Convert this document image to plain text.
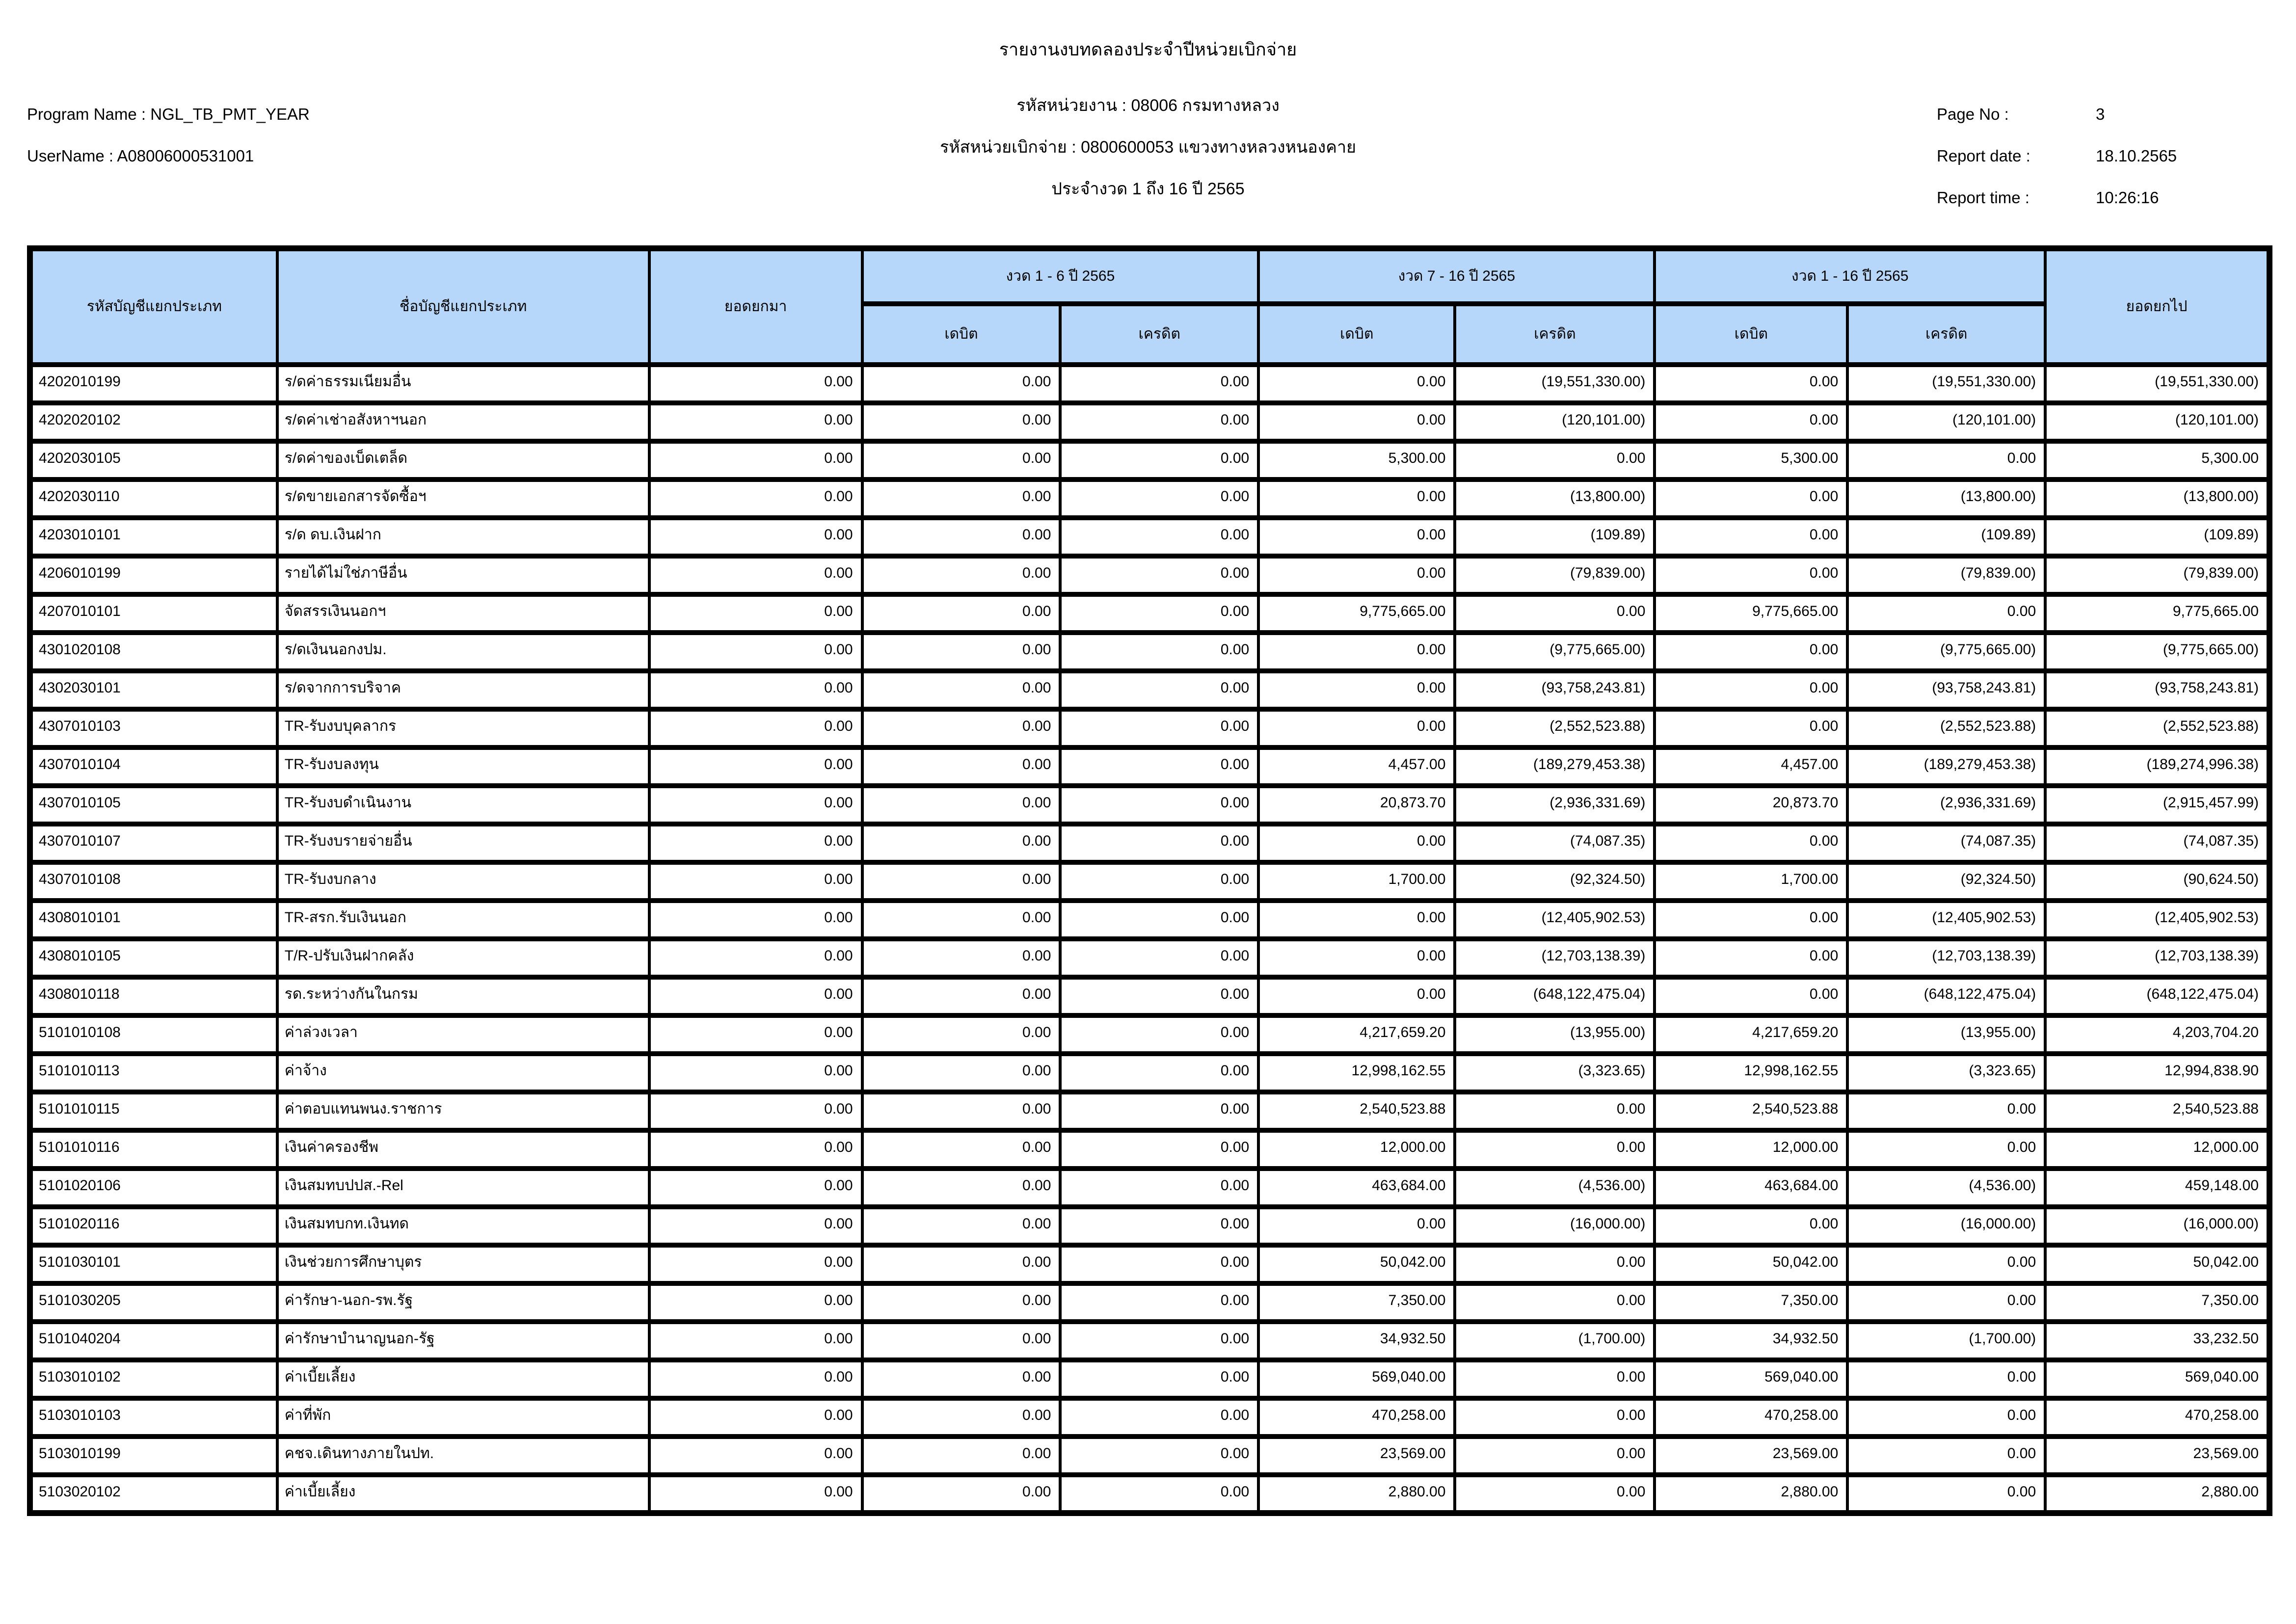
รายงานงบทดลองประจำปีหน่วยเบิกจ่าย
รหัสหน่วยงาน : 08006 กรมทางหลวง
รหัสหน่วยเบิกจ่าย : 0800600053 แขวงทางหลวงหนองคาย
ประจำงวด 1 ถึง 16 ปี 2565
Program Name : NGL_TB_PMT_YEAR
UserName : A08006000531001
Page No :	3
Report date :	18.10.2565
Report time :	10:26:16
รหัสบัญชีแยกประเภท	ชื่อบัญชีแยกประเภท	ยอดยกมา	งวด 1 - 6 ปี 2565		งวด 7 - 16 ปี 2565		งวด 1 - 16 ปี 2565		ยอดยกไป
			เดบิต	เครดิต	เดบิต	เครดิต	เดบิต	เครดิต	
4202010199	ร/ดค่าธรรมเนียมอื่น	0.00	0.00	0.00	0.00	(19,551,330.00)	0.00	(19,551,330.00)	(19,551,330.00)
4202020102	ร/ดค่าเช่าอสังหาฯนอก	0.00	0.00	0.00	0.00	(120,101.00)	0.00	(120,101.00)	(120,101.00)
4202030105	ร/ดค่าของเบ็ดเตล็ด	0.00	0.00	0.00	5,300.00	0.00	5,300.00	0.00	5,300.00
4202030110	ร/ดขายเอกสารจัดซื้อฯ	0.00	0.00	0.00	0.00	(13,800.00)	0.00	(13,800.00)	(13,800.00)
4203010101	ร/ด ดบ.เงินฝาก	0.00	0.00	0.00	0.00	(109.89)	0.00	(109.89)	(109.89)
4206010199	รายได้ไม่ใช่ภาษีอื่น	0.00	0.00	0.00	0.00	(79,839.00)	0.00	(79,839.00)	(79,839.00)
4207010101	จัดสรรเงินนอกฯ	0.00	0.00	0.00	9,775,665.00	0.00	9,775,665.00	0.00	9,775,665.00
4301020108	ร/ดเงินนอกงปม.	0.00	0.00	0.00	0.00	(9,775,665.00)	0.00	(9,775,665.00)	(9,775,665.00)
4302030101	ร/ดจากการบริจาค	0.00	0.00	0.00	0.00	(93,758,243.81)	0.00	(93,758,243.81)	(93,758,243.81)
4307010103	TR-รับงบบุคลากร	0.00	0.00	0.00	0.00	(2,552,523.88)	0.00	(2,552,523.88)	(2,552,523.88)
4307010104	TR-รับงบลงทุน	0.00	0.00	0.00	4,457.00	(189,279,453.38)	4,457.00	(189,279,453.38)	(189,274,996.38)
4307010105	TR-รับงบดำเนินงาน	0.00	0.00	0.00	20,873.70	(2,936,331.69)	20,873.70	(2,936,331.69)	(2,915,457.99)
4307010107	TR-รับงบรายจ่ายอื่น	0.00	0.00	0.00	0.00	(74,087.35)	0.00	(74,087.35)	(74,087.35)
4307010108	TR-รับงบกลาง	0.00	0.00	0.00	1,700.00	(92,324.50)	1,700.00	(92,324.50)	(90,624.50)
4308010101	TR-สรก.รับเงินนอก	0.00	0.00	0.00	0.00	(12,405,902.53)	0.00	(12,405,902.53)	(12,405,902.53)
4308010105	T/R-ปรับเงินฝากคลัง	0.00	0.00	0.00	0.00	(12,703,138.39)	0.00	(12,703,138.39)	(12,703,138.39)
4308010118	รด.ระหว่างกันในกรม	0.00	0.00	0.00	0.00	(648,122,475.04)	0.00	(648,122,475.04)	(648,122,475.04)
5101010108	ค่าล่วงเวลา	0.00	0.00	0.00	4,217,659.20	(13,955.00)	4,217,659.20	(13,955.00)	4,203,704.20
5101010113	ค่าจ้าง	0.00	0.00	0.00	12,998,162.55	(3,323.65)	12,998,162.55	(3,323.65)	12,994,838.90
5101010115	ค่าตอบแทนพนง.ราชการ	0.00	0.00	0.00	2,540,523.88	0.00	2,540,523.88	0.00	2,540,523.88
5101010116	เงินค่าครองชีพ	0.00	0.00	0.00	12,000.00	0.00	12,000.00	0.00	12,000.00
5101020106	เงินสมทบปปส.-Rel	0.00	0.00	0.00	463,684.00	(4,536.00)	463,684.00	(4,536.00)	459,148.00
5101020116	เงินสมทบกท.เงินทด	0.00	0.00	0.00	0.00	(16,000.00)	0.00	(16,000.00)	(16,000.00)
5101030101	เงินช่วยการศึกษาบุตร	0.00	0.00	0.00	50,042.00	0.00	50,042.00	0.00	50,042.00
5101030205	ค่ารักษา-นอก-รพ.รัฐ	0.00	0.00	0.00	7,350.00	0.00	7,350.00	0.00	7,350.00
5101040204	ค่ารักษาบำนาญนอก-รัฐ	0.00	0.00	0.00	34,932.50	(1,700.00)	34,932.50	(1,700.00)	33,232.50
5103010102	ค่าเบี้ยเลี้ยง	0.00	0.00	0.00	569,040.00	0.00	569,040.00	0.00	569,040.00
5103010103	ค่าที่พัก	0.00	0.00	0.00	470,258.00	0.00	470,258.00	0.00	470,258.00
5103010199	คชจ.เดินทางภายในปท.	0.00	0.00	0.00	23,569.00	0.00	23,569.00	0.00	23,569.00
5103020102	ค่าเบี้ยเลี้ยง	0.00	0.00	0.00	2,880.00	0.00	2,880.00	0.00	2,880.00
